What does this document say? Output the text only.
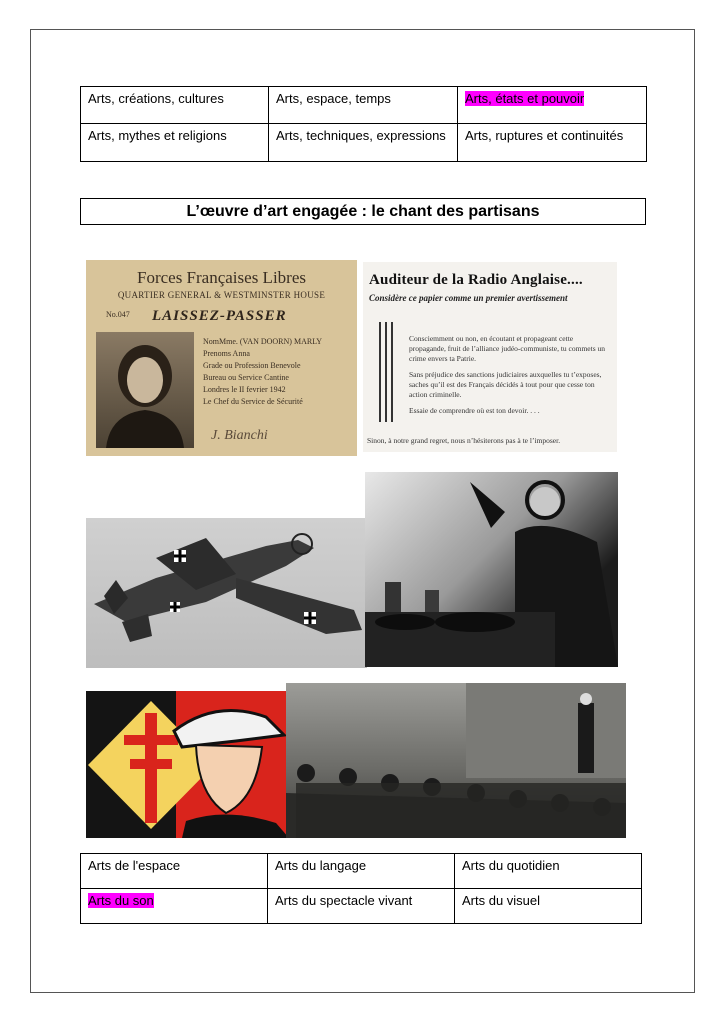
Arts, créations, cultures	Arts, espace, temps	Arts, états et pouvoir
Arts, mythes et religions	Arts, techniques, expressions	Arts, ruptures et continuités
L’œuvre d’art engagée : le chant des partisans
Forces Françaises Libres
QUARTIER GENERAL & WESTMINSTER HOUSE
No.047 LAISSEZ-PASSER
NomMme. (VAN DOORN) MARLY
Prenoms Anna
Grade ou Profession Benevole
Bureau ou Service Cantine
Londres le II fevrier 1942
Le Chef du Service de Sécurité
J. Bianchi
Auditeur de la Radio Anglaise....
Considère ce papier comme un premier avertissement

Consciemment ou non, en écoutant et propageant cette propagande, fruit de l’alliance judéo-communiste, tu commets un crime envers ta Patrie.

Sans préjudice des sanctions judiciaires auxquelles tu t’exposes, saches qu’il est des Français décidés à tout pour que cesse ton action criminelle.

Essaie de comprendre où est ton devoir. . . .

Sinon, à notre grand regret, nous n’hésiterons pas à te l’imposer.
Arts de l'espace	Arts du langage	Arts du quotidien
Arts du son	Arts du spectacle vivant	Arts du visuel
